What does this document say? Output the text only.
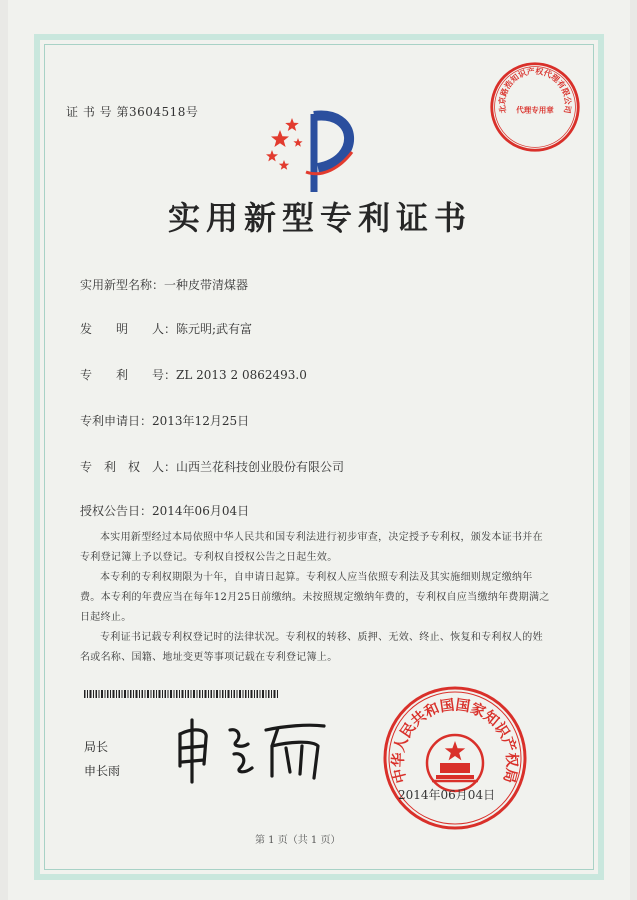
证 书 号 第3604518号	北京路浩知识产权代理有限公司
代理专用章
实用新型专利证书
实用新型名称：一种皮带清煤器
发　　明　　人：陈元明;武有富
专　　利　　号：ZL 2013 2 0862493.0
专利申请日：2013年12月25日
专　利　权　人：山西兰花科技创业股份有限公司
授权公告日：2014年06月04日

本实用新型经过本局依照中华人民共和国专利法进行初步审查，决定授予专利权，颁发本证书并在专利登记簿上予以登记。专利权自授权公告之日起生效。

本专利的专利权期限为十年，自申请日起算。专利权人应当依照专利法及其实施细则规定缴纳年费。本专利的年费应当在每年12月25日前缴纳。未按照规定缴纳年费的，专利权自应当缴纳年费期满之日起终止。

专利证书记载专利权登记时的法律状况。专利权的转移、质押、无效、终止、恢复和专利权人的姓名或名称、国籍、地址变更等事项记载在专利登记簿上。

局长
申长雨	中华人民共和国国家知识产权局
2014年06月04日
第 1 页（共 1 页）
